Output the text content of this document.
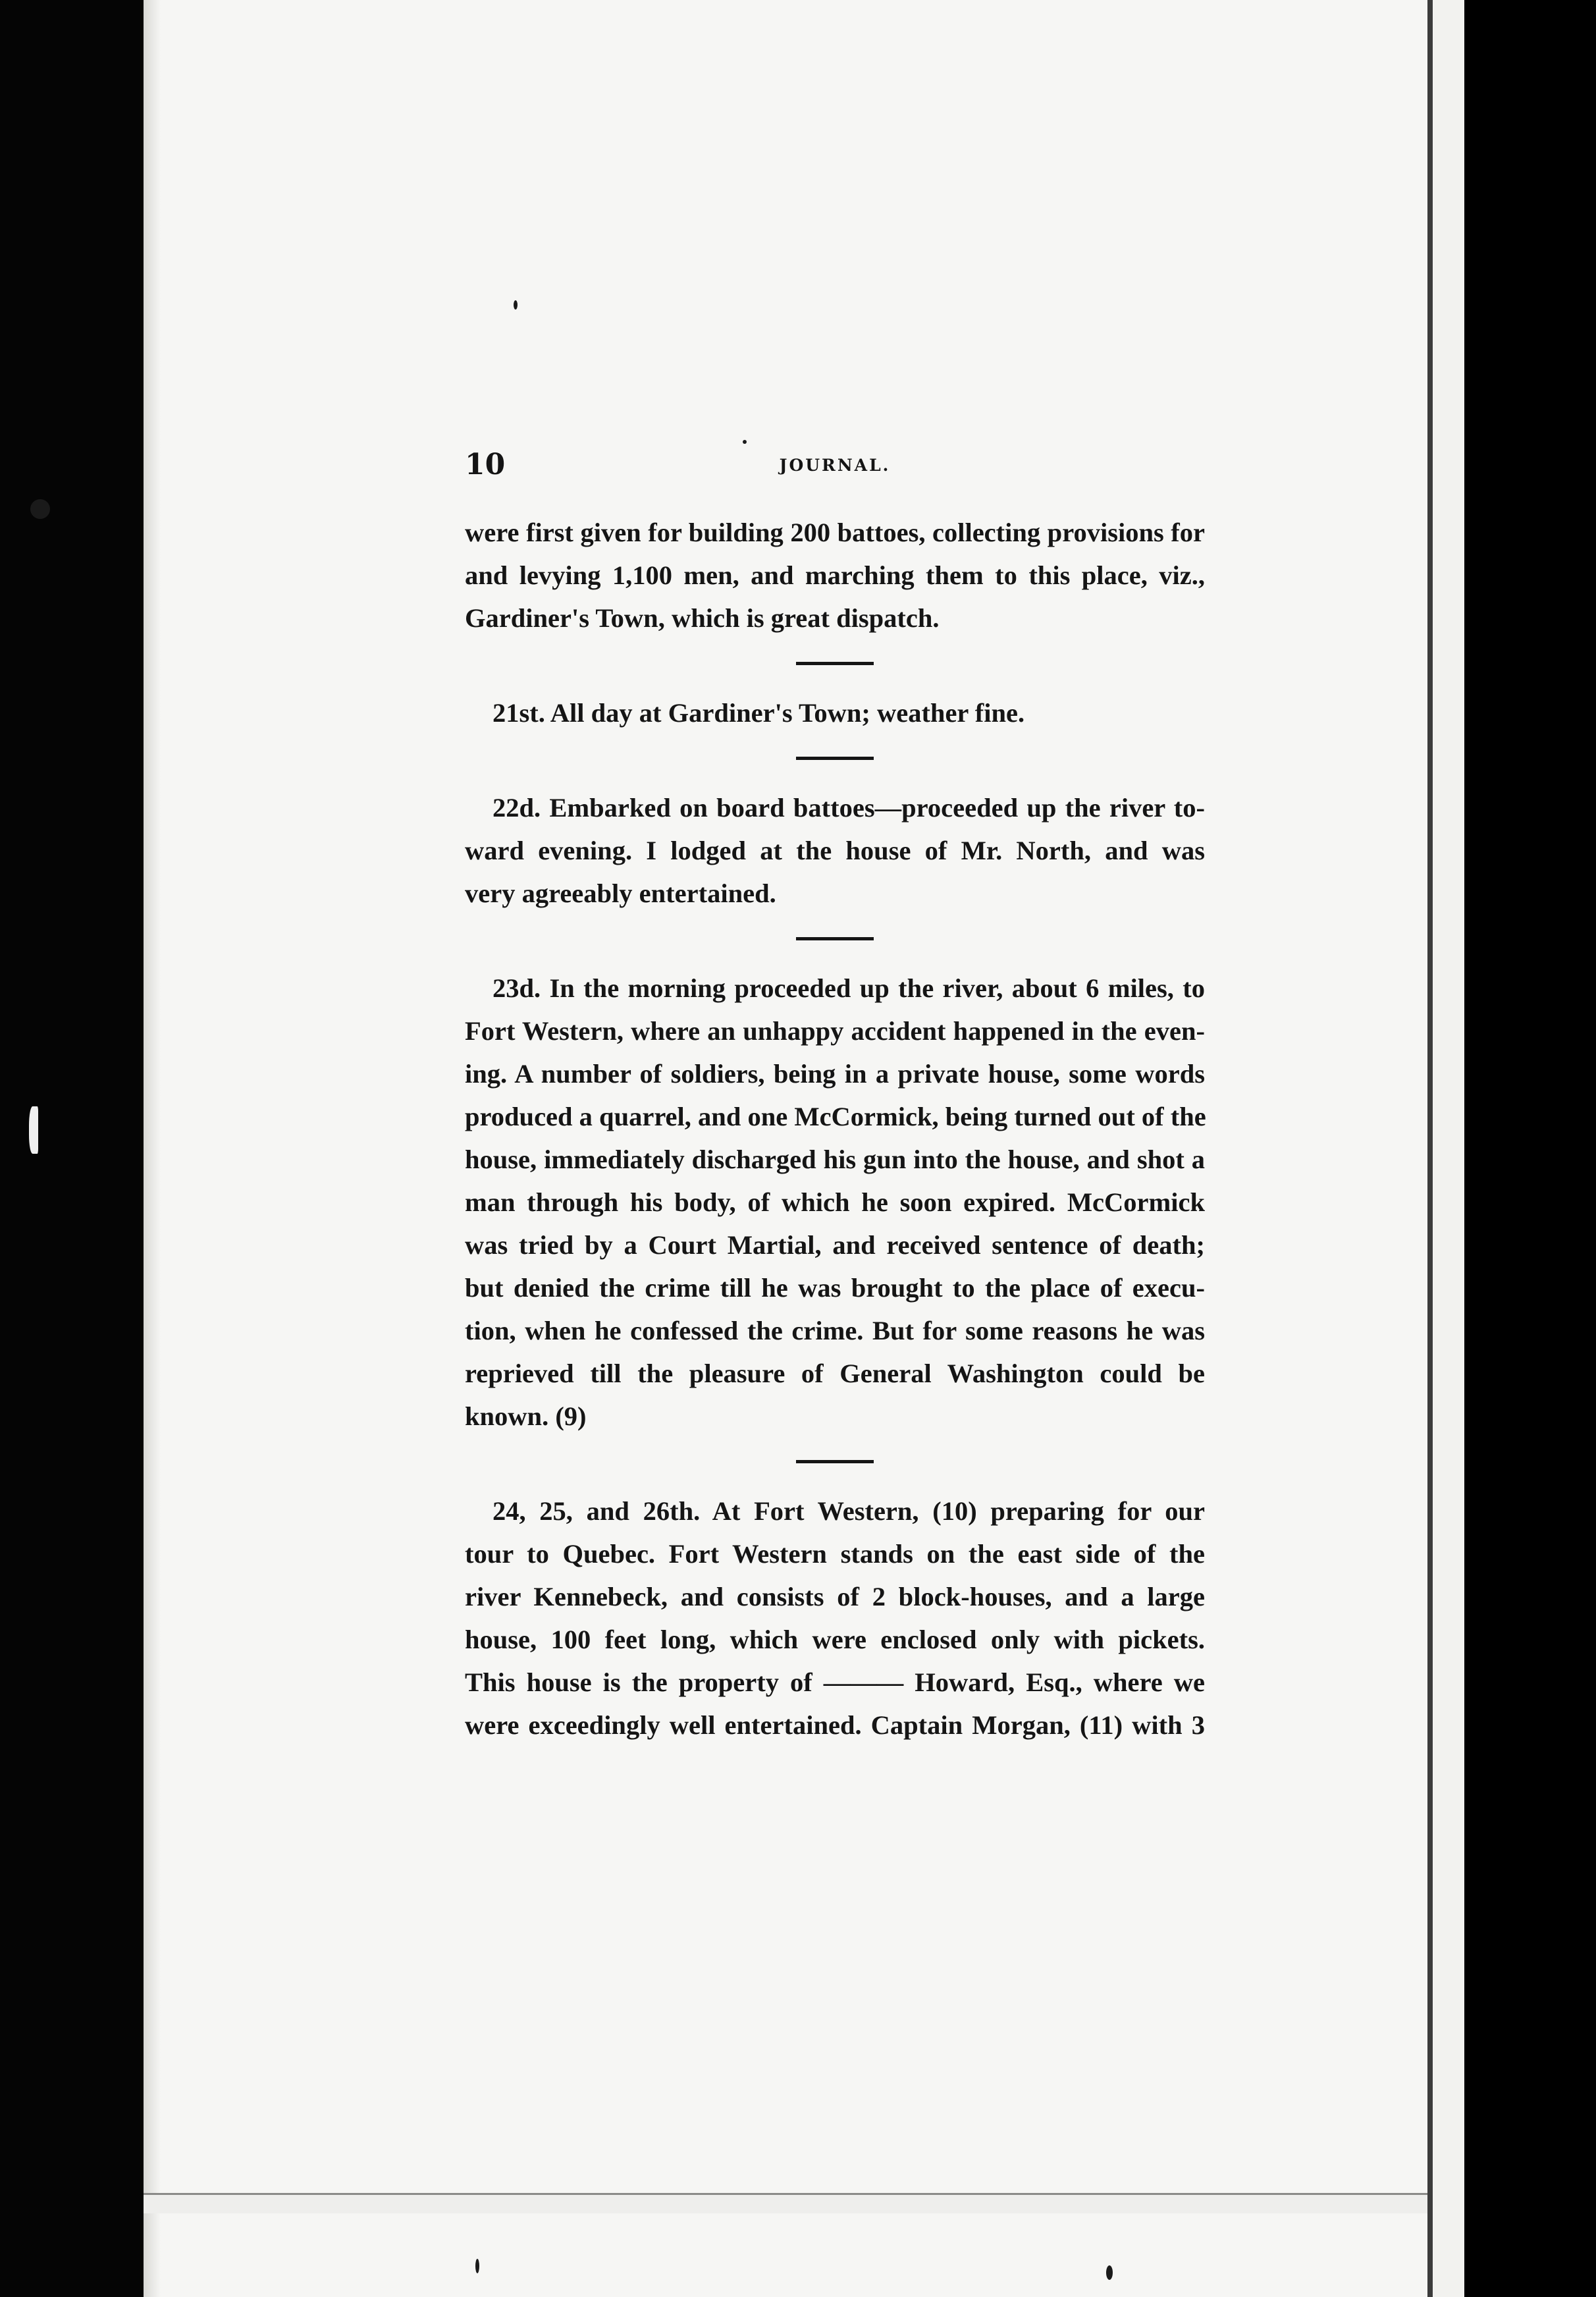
10	JOURNAL.

were first given for building 200 battoes, collecting provisions for
and levying 1,100 men, and marching them to this place, viz.,
Gardiner's Town, which is great dispatch.

21st. All day at Gardiner's Town; weather fine.

22d. Embarked on board battoes—proceeded up the river to-
ward evening. I lodged at the house of Mr. North, and was
very agreeably entertained.

23d. In the morning proceeded up the river, about 6 miles, to
Fort Western, where an unhappy accident happened in the even-
ing. A number of soldiers, being in a private house, some words
produced a quarrel, and one McCormick, being turned out of the
house, immediately discharged his gun into the house, and shot a
man through his body, of which he soon expired. McCormick
was tried by a Court Martial, and received sentence of death;
but denied the crime till he was brought to the place of execu-
tion, when he confessed the crime. But for some reasons he was
reprieved till the pleasure of General Washington could be
known. (9)

24, 25, and 26th. At Fort Western, (10) preparing for our
tour to Quebec. Fort Western stands on the east side of the
river Kennebeck, and consists of 2 block-houses, and a large
house, 100 feet long, which were enclosed only with pickets.
This house is the property of ——— Howard, Esq., where we
were exceedingly well entertained. Captain Morgan, (11) with 3
